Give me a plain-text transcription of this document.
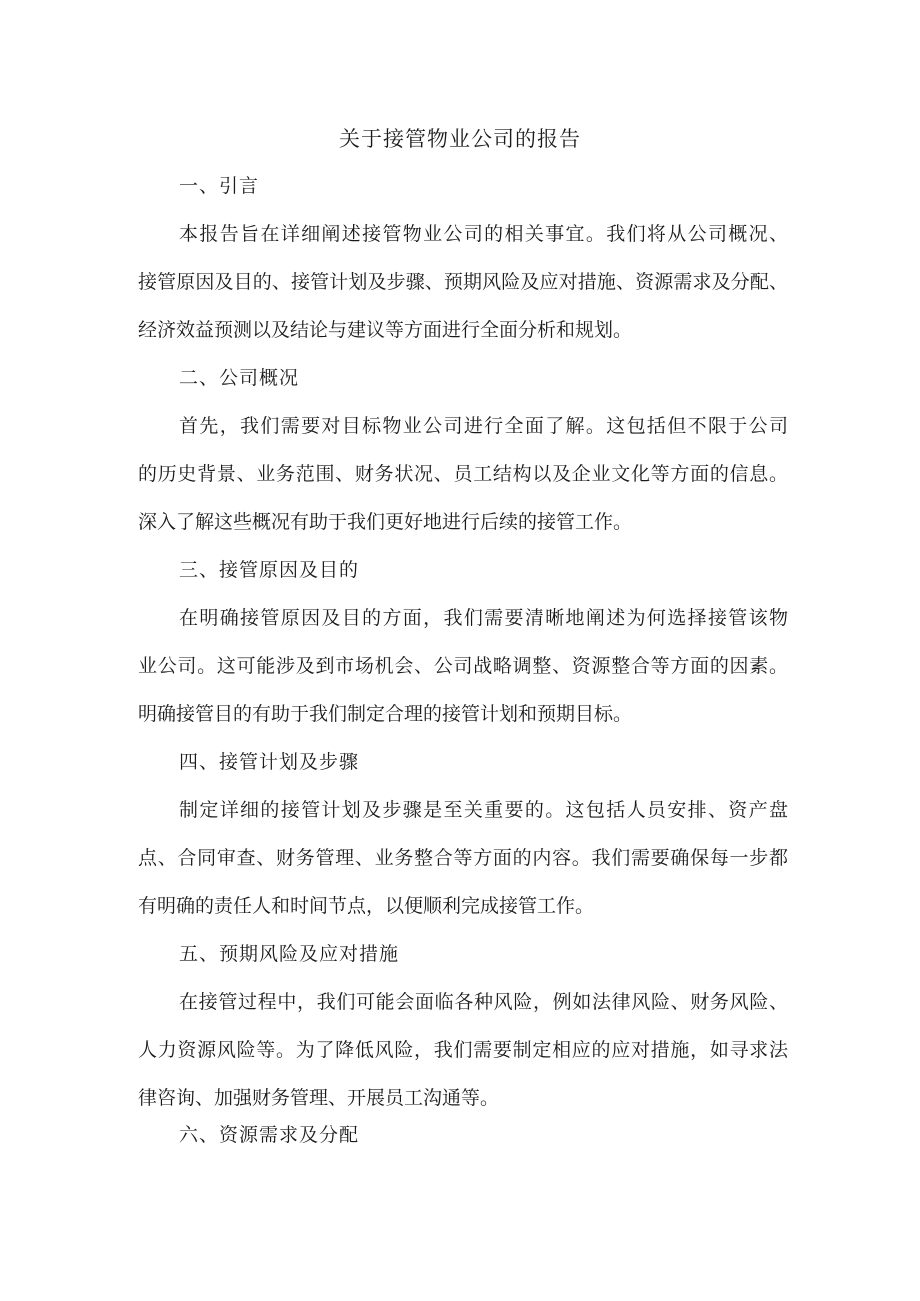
关于接管物业公司的报告
一、引言
本报告旨在详细阐述接管物业公司的相关事宜。我们将从公司概况、
接管原因及目的、接管计划及步骤、预期风险及应对措施、资源需求及分配、
经济效益预测以及结论与建议等方面进行全面分析和规划。
二、公司概况
首先，我们需要对目标物业公司进行全面了解。这包括但不限于公司
的历史背景、业务范围、财务状况、员工结构以及企业文化等方面的信息。
深入了解这些概况有助于我们更好地进行后续的接管工作。
三、接管原因及目的
在明确接管原因及目的方面，我们需要清晰地阐述为何选择接管该物
业公司。这可能涉及到市场机会、公司战略调整、资源整合等方面的因素。
明确接管目的有助于我们制定合理的接管计划和预期目标。
四、接管计划及步骤
制定详细的接管计划及步骤是至关重要的。这包括人员安排、资产盘
点、合同审查、财务管理、业务整合等方面的内容。我们需要确保每一步都
有明确的责任人和时间节点，以便顺利完成接管工作。
五、预期风险及应对措施
在接管过程中，我们可能会面临各种风险，例如法律风险、财务风险、
人力资源风险等。为了降低风险，我们需要制定相应的应对措施，如寻求法
律咨询、加强财务管理、开展员工沟通等。
六、资源需求及分配
